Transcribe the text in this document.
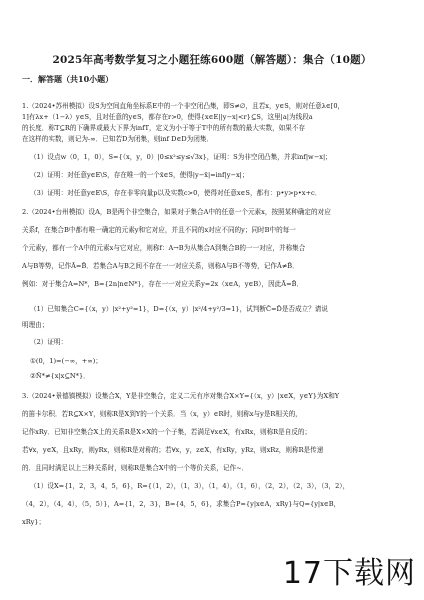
2025年高考数学复习之小题狂练600题（解答题）：集合（10题）
一．解答题（共10小题）
1.（2024•苏州模拟）设S为空间直角坐标系E中的一个非空闭凸集，即S≠∅，且若x，y∈S，则对任意λ∈[0，
1]有λx+（1−λ）y∈S，且对任意的y∈S，都存在r>0，使得{x∈E||y−x|<r}⊆S，这里|a|为线段a
的长度．称T⊆R的下确界或最大下界为infT，定义为小于等于T中的所有数的最大实数，如果不存
在这样的实数，则记为-∞．已知若D为闭集，则inf D∈D为闭集．
（1）设点w（0，1，0），S={（x，y，0）|0≤x²≤y≤√3x}，证明：S为非空闭凸集，并求inf|w−x|；
（2）证明：对任意y∈E\S，存在唯一的一个x̄∈S，使得|y−x̄|=inf|y−x|；
（3）证明：对任意y∈E\S，存在非零向量p以及实数c>0，使得对任意x∈S，都有：p•y>p•x+c．
2.（2024•台州模拟）设A，B是两个非空集合，如果对于集合A中的任意一个元素x，按照某种确定的对应
关系f，在集合B中都有唯一确定的元素y和它对应，并且不同的x对应不同的y；同时B中的每一
个元素y，都有一个A中的元素x与它对应，则称f：A→B为从集合A到集合B的一一对应，并称集合
A与B等势，记作Ā=B̄．若集合A与B之间不存在一一对应关系，则称A与B不等势，记作Ā≠B̄．
例如：对于集合A=N*，B={2n|n∈N*}，存在一一对应关系y=2x（x∈A，y∈B），因此Ā=B̄．
（1）已知集合C={（x，y）|x²+y²=1}，D={（x，y）|x²/4+y²/3=1}，试判断C̄=D̄是否成立？请说
明理由；
（2）证明：
①(0，1)=(−∞，+∞)；
②N̄*≠{x|x⊆N*}．
3.（2024•景德镇模拟）设集合X，Y是非空集合，定义二元有序对集合X×Y={（x，y）|x∈X，y∈Y}为X和Y
的笛卡尔积．若R⊆X×Y，则称R是X到Y的一个关系．当（x，y）∈R时，则称x与y是R相关的，
记作xRy．已知非空集合X上的关系R是X×X的一个子集，若满足∀x∈X，有xRx，则称R是自反的；
若∀x，y∈X，且xRy，则yRx，则称R是对称的；若∀x，y，z∈X，有xRy，yRz，则xRz，则称R是传递
的．且同时满足以上三种关系时，则称R是集合X中的一个等价关系，记作~．
（1）设X={1，2，3，4，5，6}，R={（1，2），（1，3），（1，4），（1，6），（2，2），（2，3），（3，2），
（4，2），（4，4），（5，5）}，A={1，2，3}，B={4，5，6}，求集合P={y|x∈A，xRy}与Q={y|x∈B，
xRy}；
17下载网
